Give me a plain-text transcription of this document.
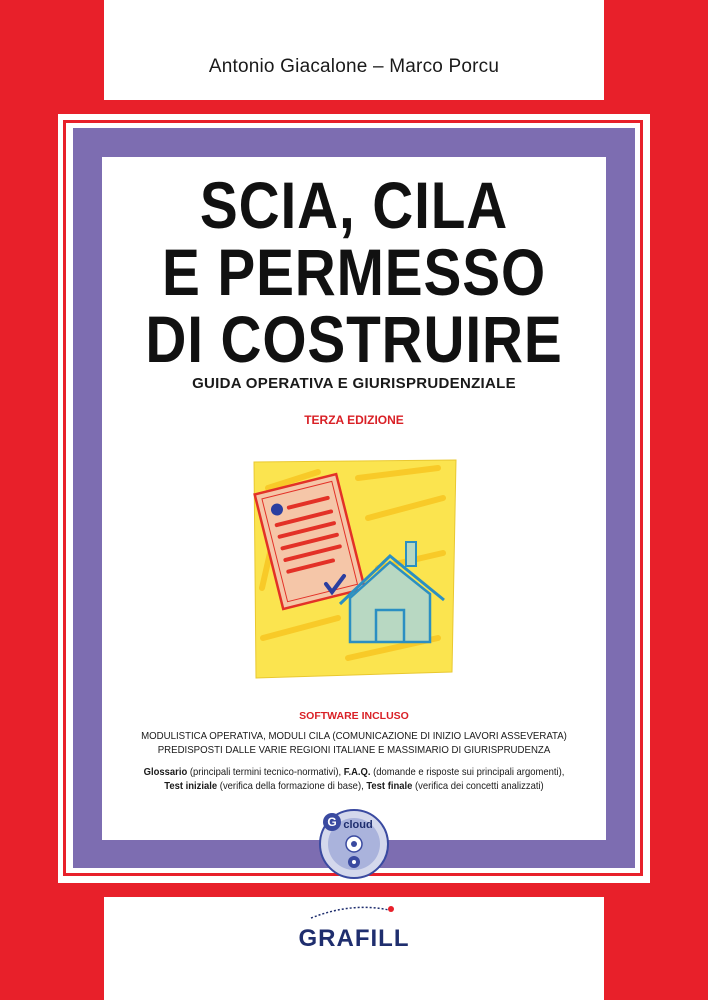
Antonio Giacalone – Marco Porcu
SCIA, CILA
E PERMESSO
DI COSTRUIRE
GUIDA OPERATIVA E GIURISPRUDENZIALE
TERZA EDIZIONE
SOFTWARE INCLUSO
MODULISTICA OPERATIVA, MODULI CILA (COMUNICAZIONE DI INIZIO LAVORI ASSEVERATA)
PREDISPOSTI DALLE VARIE REGIONI ITALIANE E MASSIMARIO DI GIURISPRUDENZA
Glossario (principali termini tecnico-normativi), F.A.Q. (domande e risposte sui principali argomenti),
Test iniziale (verifica della formazione di base), Test finale (verifica dei concetti analizzati)
G cloud
GRAFILL
